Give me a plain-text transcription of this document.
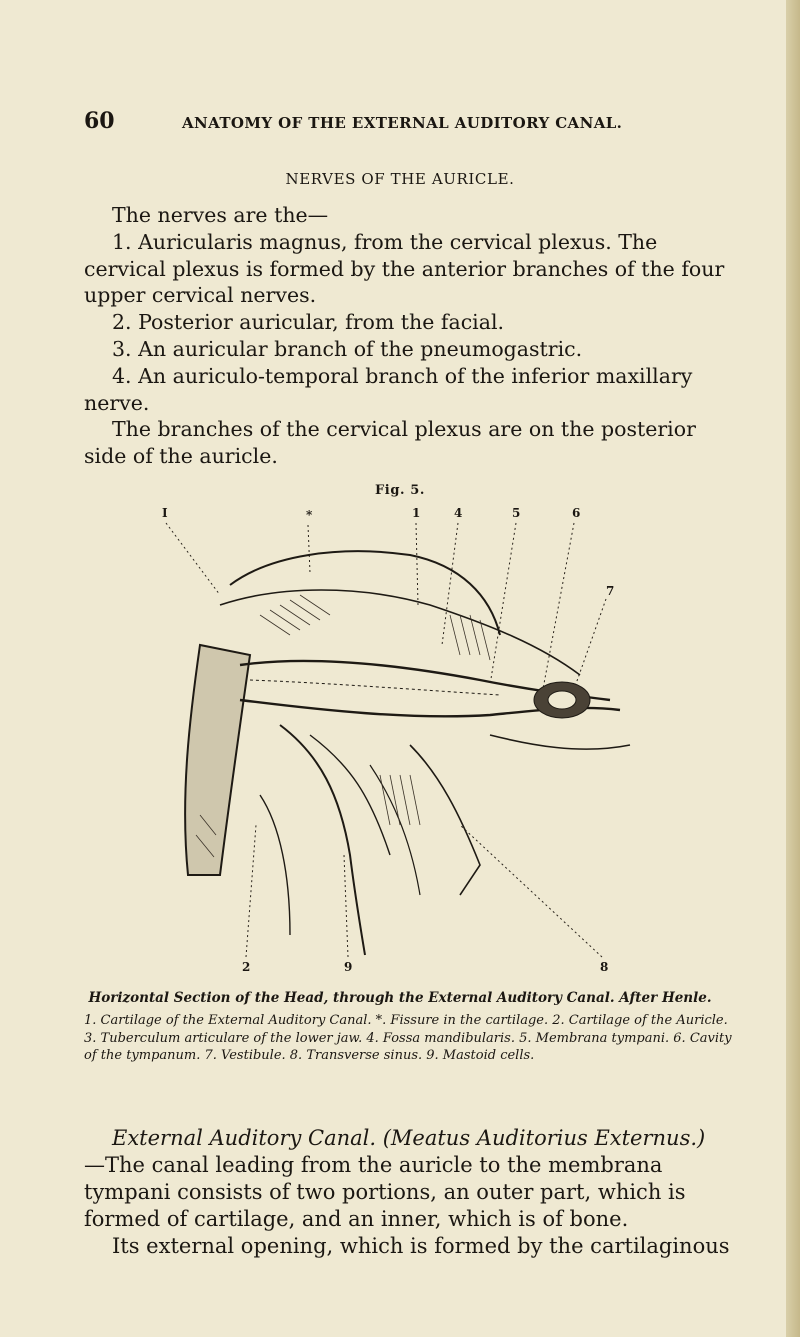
60	ANATOMY OF THE EXTERNAL AUDITORY CANAL.
NERVES OF THE AURICLE.

The nerves are the—

1. Auricularis magnus, from the cervical plexus. The cervical plexus is formed by the anterior branches of the four upper cervical nerves.

2. Posterior auricular, from the facial.

3. An auricular branch of the pneumogastric.

4. An auriculo-temporal branch of the inferior maxillary nerve.

The branches of the cervical plexus are on the posterior side of the auricle.

Fig. 5.
I	*	1	4	5	6
7
2	9	8
Horizontal Section of the Head, through the External Auditory Canal. After Henle.

1. Cartilage of the External Auditory Canal. *. Fissure in the cartilage. 2. Cartilage of the Auricle. 3. Tuberculum articulare of the lower jaw. 4. Fossa mandibularis. 5. Membrana tympani. 6. Cavity of the tympanum. 7. Vestibule. 8. Transverse sinus. 9. Mastoid cells.

External Auditory Canal. (Meatus Auditorius Externus.)

—The canal leading from the auricle to the membrana tympani consists of two portions, an outer part, which is formed of cartilage, and an inner, which is of bone.

Its external opening, which is formed by the cartilaginous
